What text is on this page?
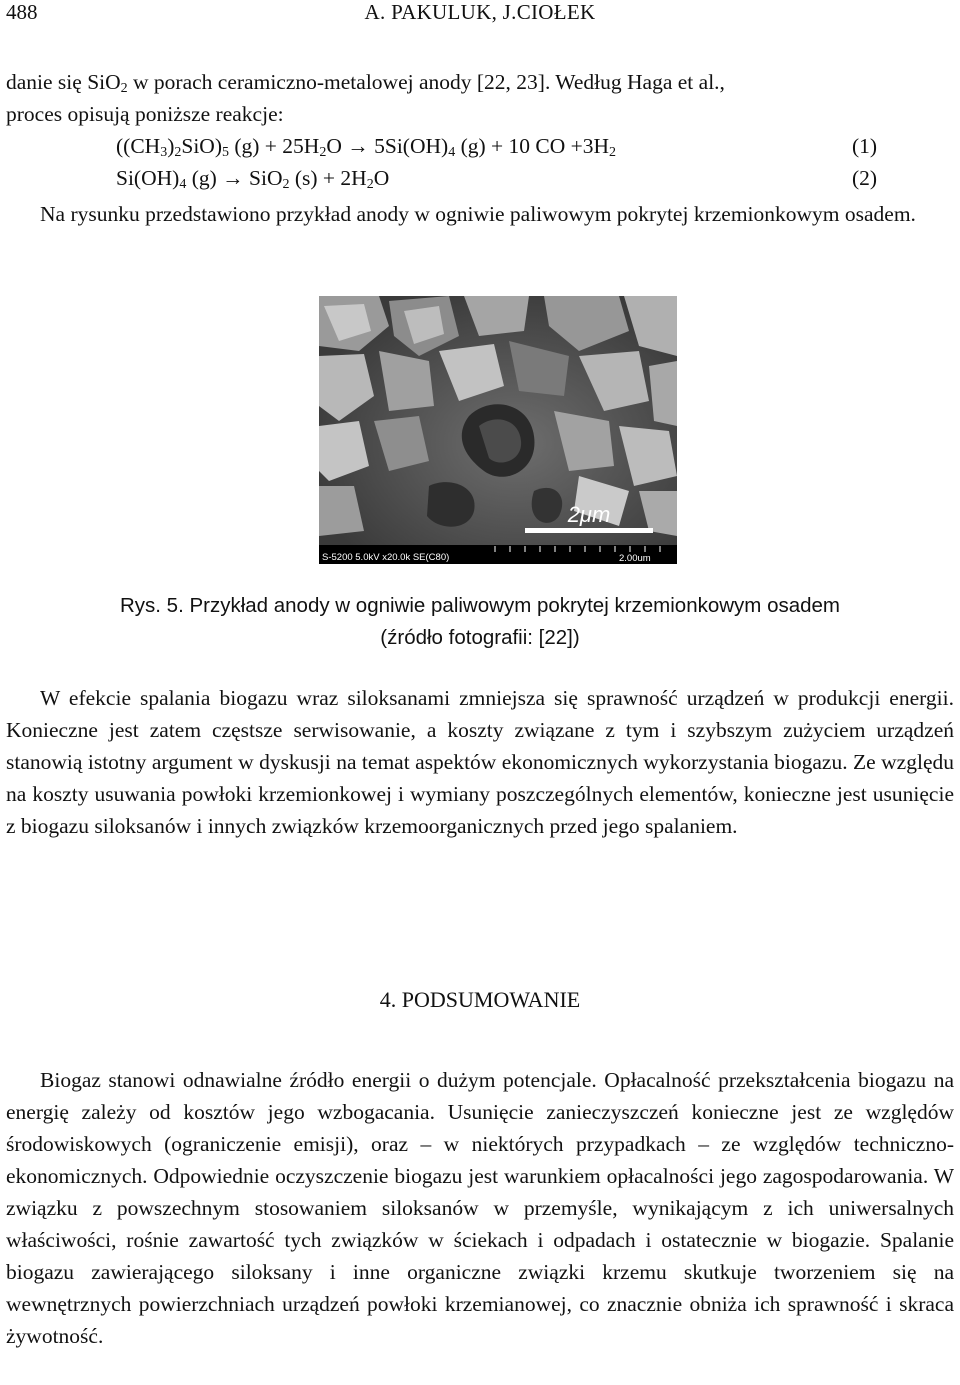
488	A. PAKULUK, J.CIOŁEK
danie się SiO$_2$ w porach ceramiczno-metalowej anody [22, 23]. Według Haga et al.,
proces opisują poniższe reakcje:
$((CH_3)_2SiO)_5$ $(g) + 25H_2O \to 5Si(OH)_4$ (g) + 10 CO $+3H_2$	(1)
$Si(OH)_4$ (g) → SiO$_2$ $(s) + 2H_2O$	(2)
Na rysunku przedstawiono przykład anody w ogniwie paliwowym pokrytej krzemionkowym osadem.
2μm
S-5200 5.0kV x20.0k SE(C80)	2.00um
Rys. 5. Przykład anody w ogniwie paliwowym pokrytej krzemionkowym osadem (źródło fotografii: [22])
W efekcie spalania biogazu wraz siloksanami zmniejsza się sprawność urządzeń w produkcji energii. Konieczne jest zatem częstsze serwisowanie, a koszty związane z tym i szybszym zużyciem urządzeń stanowią istotny argument w dyskusji na temat aspektów ekonomicznych wykorzystania biogazu. Ze względu na koszty usuwania powłoki krzemionkowej i wymiany poszczególnych elementów, konieczne jest usunięcie z biogazu siloksanów i innych związków krzemoorganicznych przed jego spalaniem.
4. PODSUMOWANIE
Biogaz stanowi odnawialne źródło energii o dużym potencjale. Opłacalność przekształcenia biogazu na energię zależy od kosztów jego wzbogacania. Usunięcie zanieczyszczeń konieczne jest ze względów środowiskowych (ograniczenie emisji), oraz – w niektórych przypadkach – ze względów techniczno-ekonomicznych. Odpowiednie oczyszczenie biogazu jest warunkiem opłacalności jego zagospodarowania. W związku z powszechnym stosowaniem siloksanów w przemyśle, wynikającym z ich uniwersalnych właściwości, rośnie zawartość tych związków w ściekach i odpadach i ostatecznie w biogazie. Spalanie biogazu zawierającego siloksany i inne organiczne związki krzemu skutkuje tworzeniem się na wewnętrznych powierzchniach urządzeń powłoki krzemianowej, co znacznie obniża ich sprawność i skraca żywotność.
